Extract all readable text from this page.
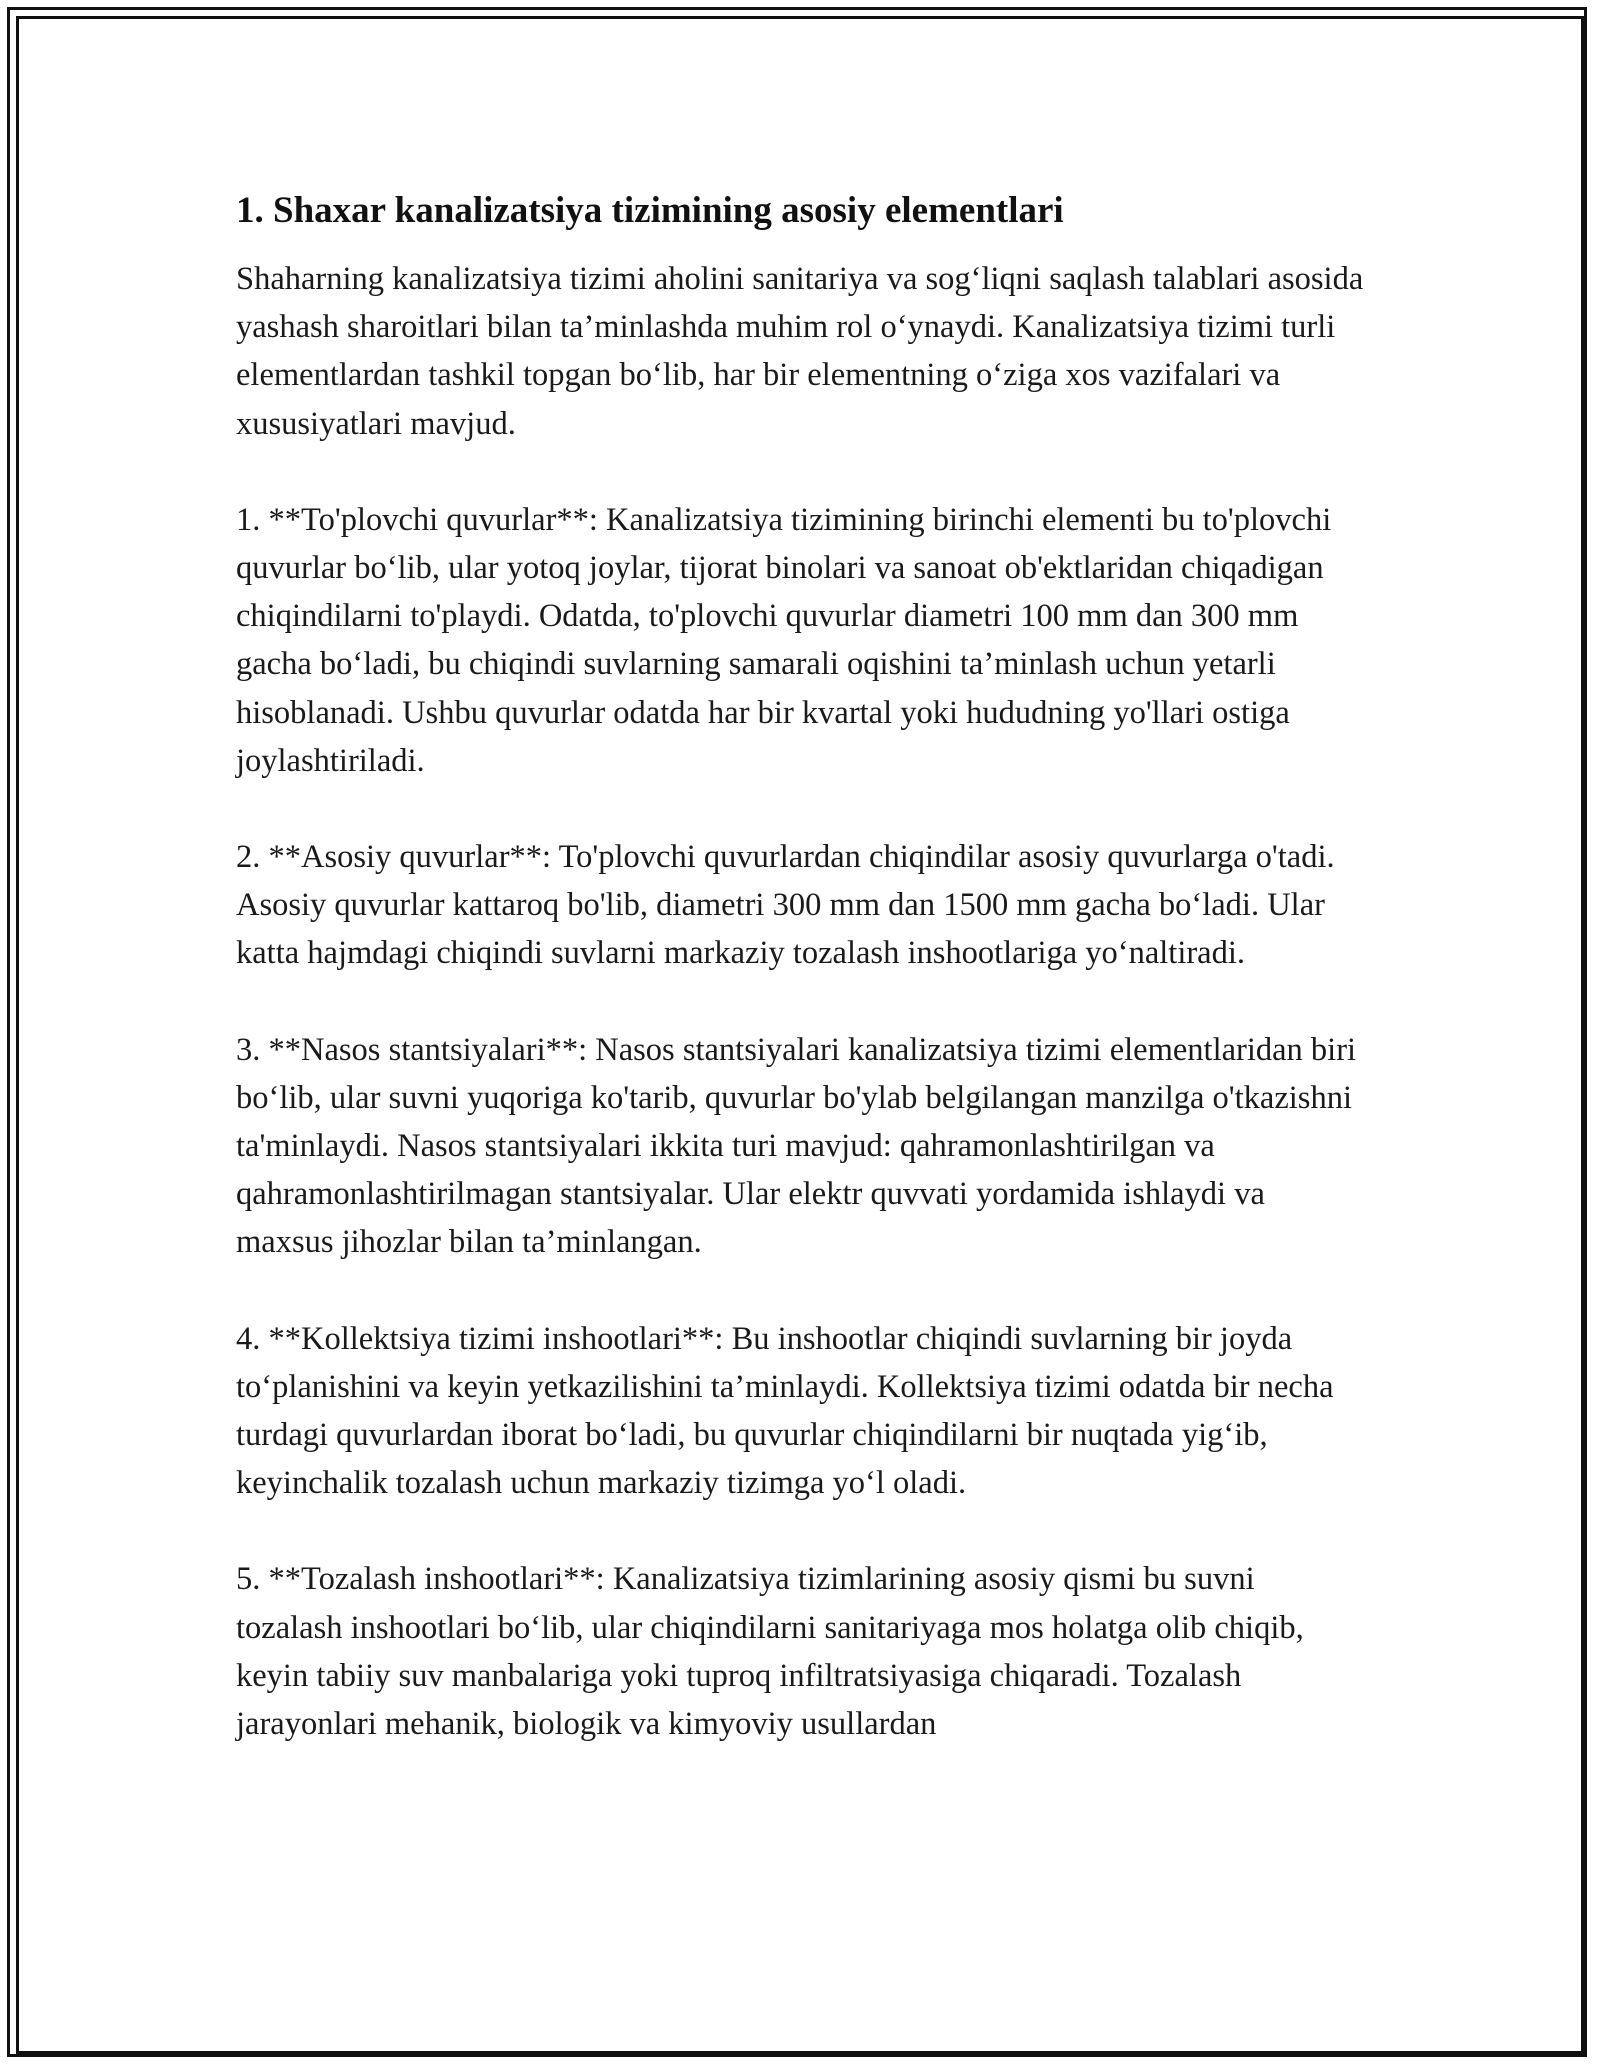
1. Shaxar kanalizatsiya tizimining asosiy elementlari

Shaharning kanalizatsiya tizimi aholini sanitariya va sog‘liqni saqlash talablari asosida yashash sharoitlari bilan ta’minlashda muhim rol o‘ynaydi. Kanalizatsiya tizimi turli elementlardan tashkil topgan bo‘lib, har bir elementning o‘ziga xos vazifalari va xususiyatlari mavjud.

1. **To'plovchi quvurlar**: Kanalizatsiya tizimining birinchi elementi bu to'plovchi quvurlar bo‘lib, ular yotoq joylar, tijorat binolari va sanoat ob'ektlaridan chiqadigan chiqindilarni to'playdi. Odatda, to'plovchi quvurlar diametri 100 mm dan 300 mm gacha bo‘ladi, bu chiqindi suvlarning samarali oqishini ta’minlash uchun yetarli hisoblanadi. Ushbu quvurlar odatda har bir kvartal yoki hududning yo'llari ostiga joylashtiriladi.

2. **Asosiy quvurlar**: To'plovchi quvurlardan chiqindilar asosiy quvurlarga o'tadi. Asosiy quvurlar kattaroq bo'lib, diametri 300 mm dan 1500 mm gacha bo‘ladi. Ular katta hajmdagi chiqindi suvlarni markaziy tozalash inshootlariga yo‘naltiradi.

3. **Nasos stantsiyalari**: Nasos stantsiyalari kanalizatsiya tizimi elementlaridan biri bo‘lib, ular suvni yuqoriga ko'tarib, quvurlar bo'ylab belgilangan manzilga o'tkazishni ta'minlaydi. Nasos stantsiyalari ikkita turi mavjud: qahramonlashtirilgan va qahramonlashtirilmagan stantsiyalar. Ular elektr quvvati yordamida ishlaydi va maxsus jihozlar bilan ta’minlangan.

4. **Kollektsiya tizimi inshootlari**: Bu inshootlar chiqindi suvlarning bir joyda to‘planishini va keyin yetkazilishini ta’minlaydi. Kollektsiya tizimi odatda bir necha turdagi quvurlardan iborat bo‘ladi, bu quvurlar chiqindilarni bir nuqtada yig‘ib, keyinchalik tozalash uchun markaziy tizimga yo‘l oladi.

5. **Tozalash inshootlari**: Kanalizatsiya tizimlarining asosiy qismi bu suvni tozalash inshootlari bo‘lib, ular chiqindilarni sanitariyaga mos holatga olib chiqib, keyin tabiiy suv manbalariga yoki tuproq infiltratsiyasiga chiqaradi. Tozalash jarayonlari mehanik, biologik va kimyoviy usullardan
